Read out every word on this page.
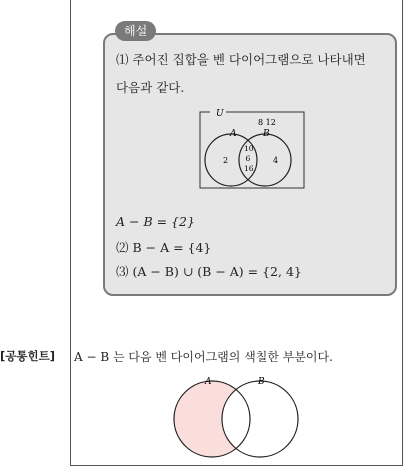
해설
⑴ 주어진 집합을 벤 다이어그램으로 나타내면
다음과 같다.
U
8 12
A	B
2
10
6
16
4
A − B = {2}
⑵ B − A = {4}
⑶ (A − B) ∪ (B − A) = {2, 4}
[공통힌트] A − B 는 다음 벤 다이어그램의 색칠한 부분이다.
A	B
